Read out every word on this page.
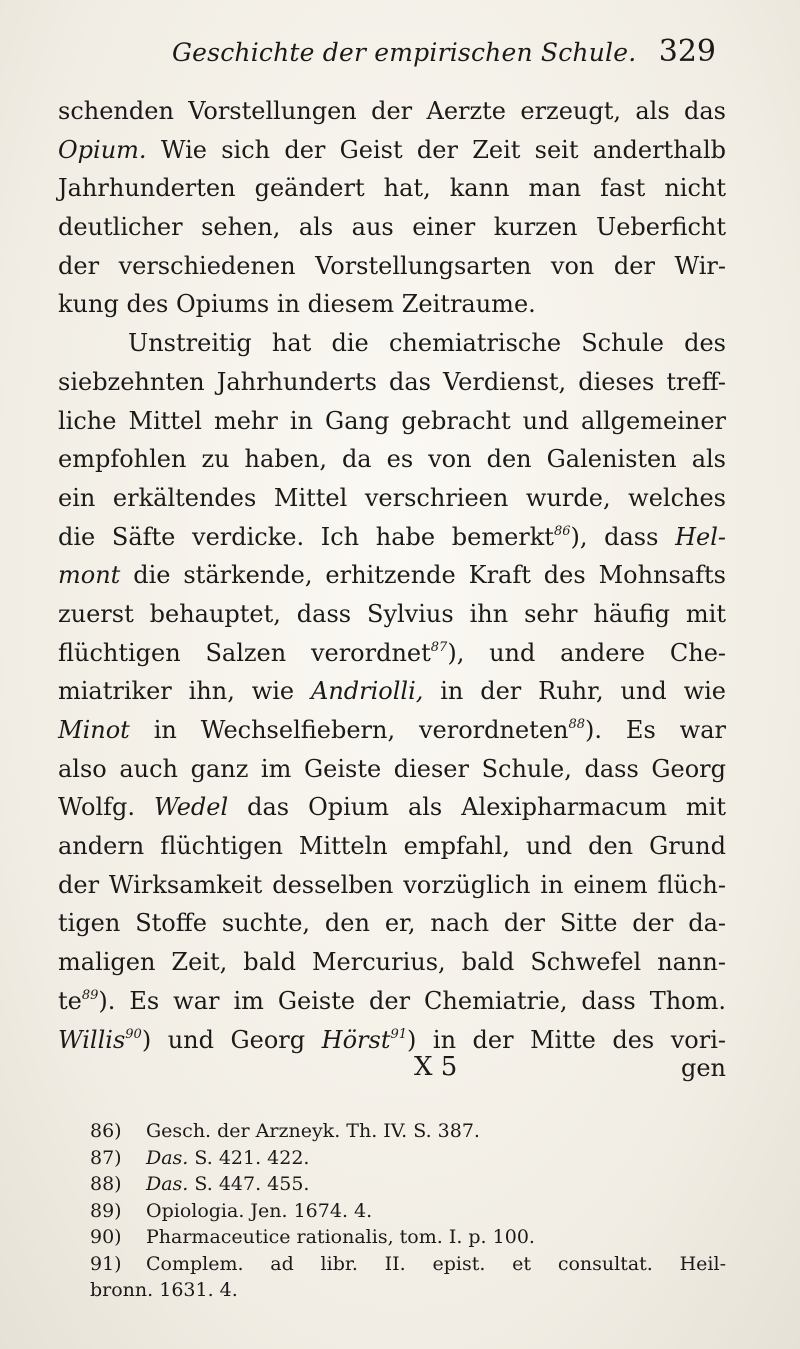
Geschichte der empirischen Schule. 329
schenden Vorstellungen der Aerzte erzeugt, als das
Opium. Wie sich der Geist der Zeit seit anderthalb
Jahrhunderten geändert hat, kann man fast nicht
deutlicher sehen, als aus einer kurzen Ueberficht
der verschiedenen Vorstellungsarten von der Wir-
kung des Opiums in diesem Zeitraume.
Unstreitig hat die chemiatrische Schule des
siebzehnten Jahrhunderts das Verdienst, dieses treff-
liche Mittel mehr in Gang gebracht und allgemeiner
empfohlen zu haben, da es von den Galenisten als
ein erkältendes Mittel verschrieen wurde, welches
die Säfte verdicke. Ich habe bemerkt$^{86}$), dass Hel-
mont die stärkende, erhitzende Kraft des Mohnsafts
zuerst behauptet, dass Sylvius ihn sehr häufig mit
flüchtigen Salzen verordnet$^{87}$), und andere Che-
miatriker ihn, wie Andriolli, in der Ruhr, und wie
Minot in Wechselfiebern, verordneten$^{88}$). Es war
also auch ganz im Geiste dieser Schule, dass Georg
Wolfg. Wedel das Opium als Alexipharmacum mit
andern flüchtigen Mitteln empfahl, und den Grund
der Wirksamkeit desselben vorzüglich in einem flüch-
tigen Stoffe suchte, den er, nach der Sitte der da-
maligen Zeit, bald Mercurius, bald Schwefel nann-
$te^{89}$). Es war im Geiste der Chemiatrie, dass Thom.
Willis$^{90}$) und Georg Hörst$^{91}$) in der Mitte des vori-
X 5	gen
86) Gesch. der Arzneyk. Th. IV. S. 387.
87) Das. S. 421. 422.
88) Das. S. 447. 455.
89) Opiologia. Jen. 1674. 4.
90) Pharmaceutice rationalis, tom. I. p. 100.
91) Complem. ad libr. II. epist. et consultat. Heil-
bronn. 1631. 4.
